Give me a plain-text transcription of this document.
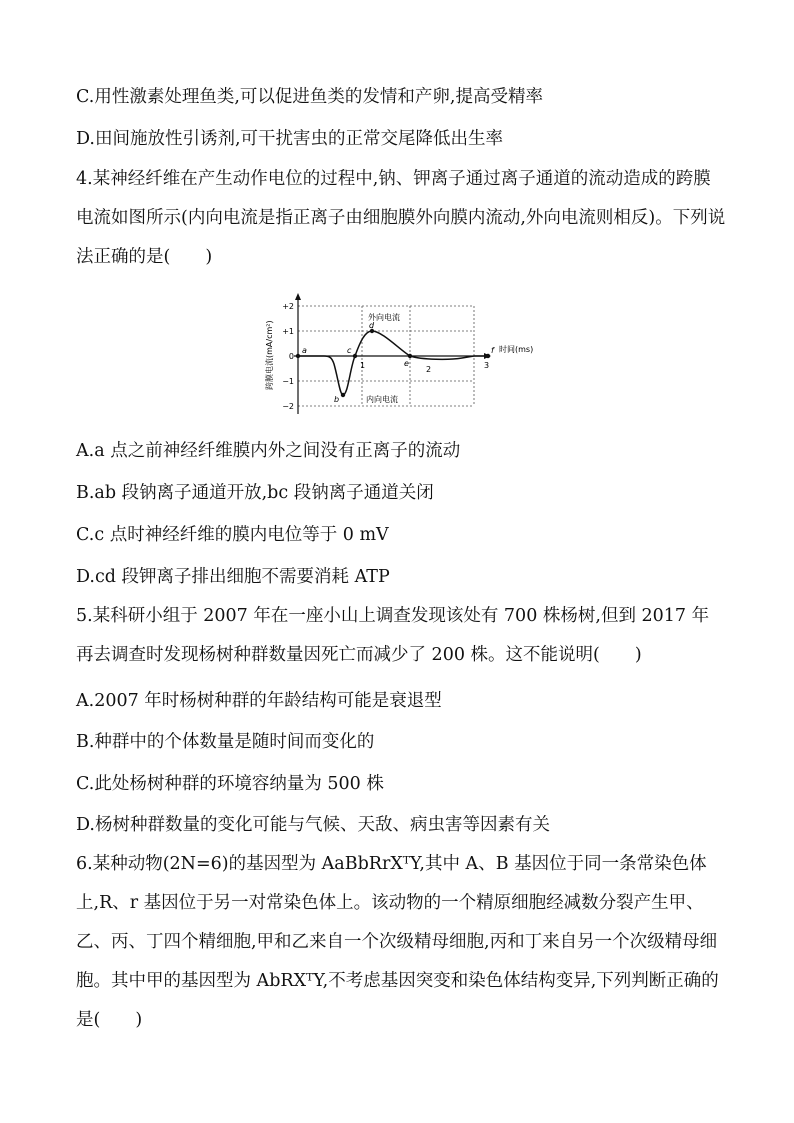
C.用性激素处理鱼类,可以促进鱼类的发情和产卵,提高受精率
D.田间施放性引诱剂,可干扰害虫的正常交尾降低出生率
4.某神经纤维在产生动作电位的过程中,钠、钾离子通过离子通道的流动造成的跨膜电流如图所示(内向电流是指正离子由细胞膜外向膜内流动,外向电流则相反)。下列说法正确的是(　　)
跨膜电流(mA/cm²)
+2
+1
0
−1
−2
1	2	3
时间(ms)
a
b
c
d
e
f
外向电流
内向电流
A.a 点之前神经纤维膜内外之间没有正离子的流动
B.ab 段钠离子通道开放,bc 段钠离子通道关闭
C.c 点时神经纤维的膜内电位等于 0 mV
D.cd 段钾离子排出细胞不需要消耗 ATP
5.某科研小组于 2007 年在一座小山上调查发现该处有 700 株杨树,但到 2017 年再去调查时发现杨树种群数量因死亡而减少了 200 株。这不能说明(　　)
A.2007 年时杨树种群的年龄结构可能是衰退型
B.种群中的个体数量是随时间而变化的
C.此处杨树种群的环境容纳量为 500 株
D.杨树种群数量的变化可能与气候、天敌、病虫害等因素有关
6.某种动物(2N=6)的基因型为 AaBbRrXᵀY,其中 A、B 基因位于同一条常染色体上,R、r 基因位于另一对常染色体上。该动物的一个精原细胞经减数分裂产生甲、乙、丙、丁四个精细胞,甲和乙来自一个次级精母细胞,丙和丁来自另一个次级精母细胞。其中甲的基因型为 AbRXᵀY,不考虑基因突变和染色体结构变异,下列判断正确的是(　　)
